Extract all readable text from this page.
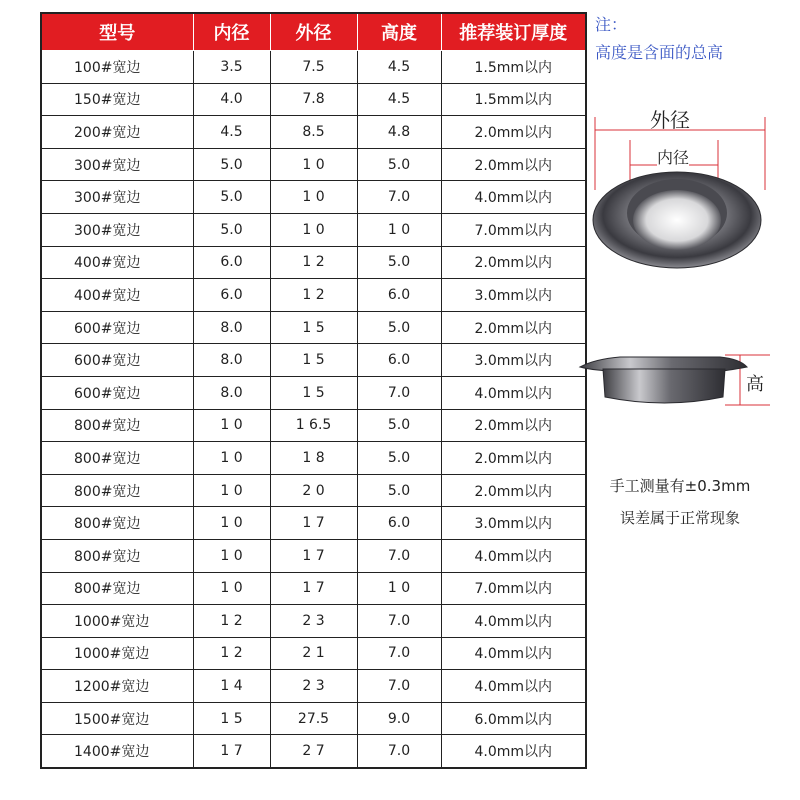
型号	内径	外径	高度	推荐装订厚度
100#宽边	3.5	7.5	4.5	1.5mm以内
150#宽边	4.0	7.8	4.5	1.5mm以内
200#宽边	4.5	8.5	4.8	2.0mm以内
300#宽边	5.0	1 0	5.0	2.0mm以内
300#宽边	5.0	1 0	7.0	4.0mm以内
300#宽边	5.0	1 0	1 0	7.0mm以内
400#宽边	6.0	1 2	5.0	2.0mm以内
400#宽边	6.0	1 2	6.0	3.0mm以内
600#宽边	8.0	1 5	5.0	2.0mm以内
600#宽边	8.0	1 5	6.0	3.0mm以内
600#宽边	8.0	1 5	7.0	4.0mm以内
800#宽边	1 0	1 6.5	5.0	2.0mm以内
800#宽边	1 0	1 8	5.0	2.0mm以内
800#宽边	1 0	2 0	5.0	2.0mm以内
800#宽边	1 0	1 7	6.0	3.0mm以内
800#宽边	1 0	1 7	7.0	4.0mm以内
800#宽边	1 0	1 7	1 0	7.0mm以内
1000#宽边	1 2	2 3	7.0	4.0mm以内
1000#宽边	1 2	2 1	7.0	4.0mm以内
1200#宽边	1 4	2 3	7.0	4.0mm以内
1500#宽边	1 5	27.5	9.0	6.0mm以内
1400#宽边	1 7	2 7	7.0	4.0mm以内
注：
高度是含面的总高
外径
内径
高
手工测量有±0.3mm
误差属于正常现象
